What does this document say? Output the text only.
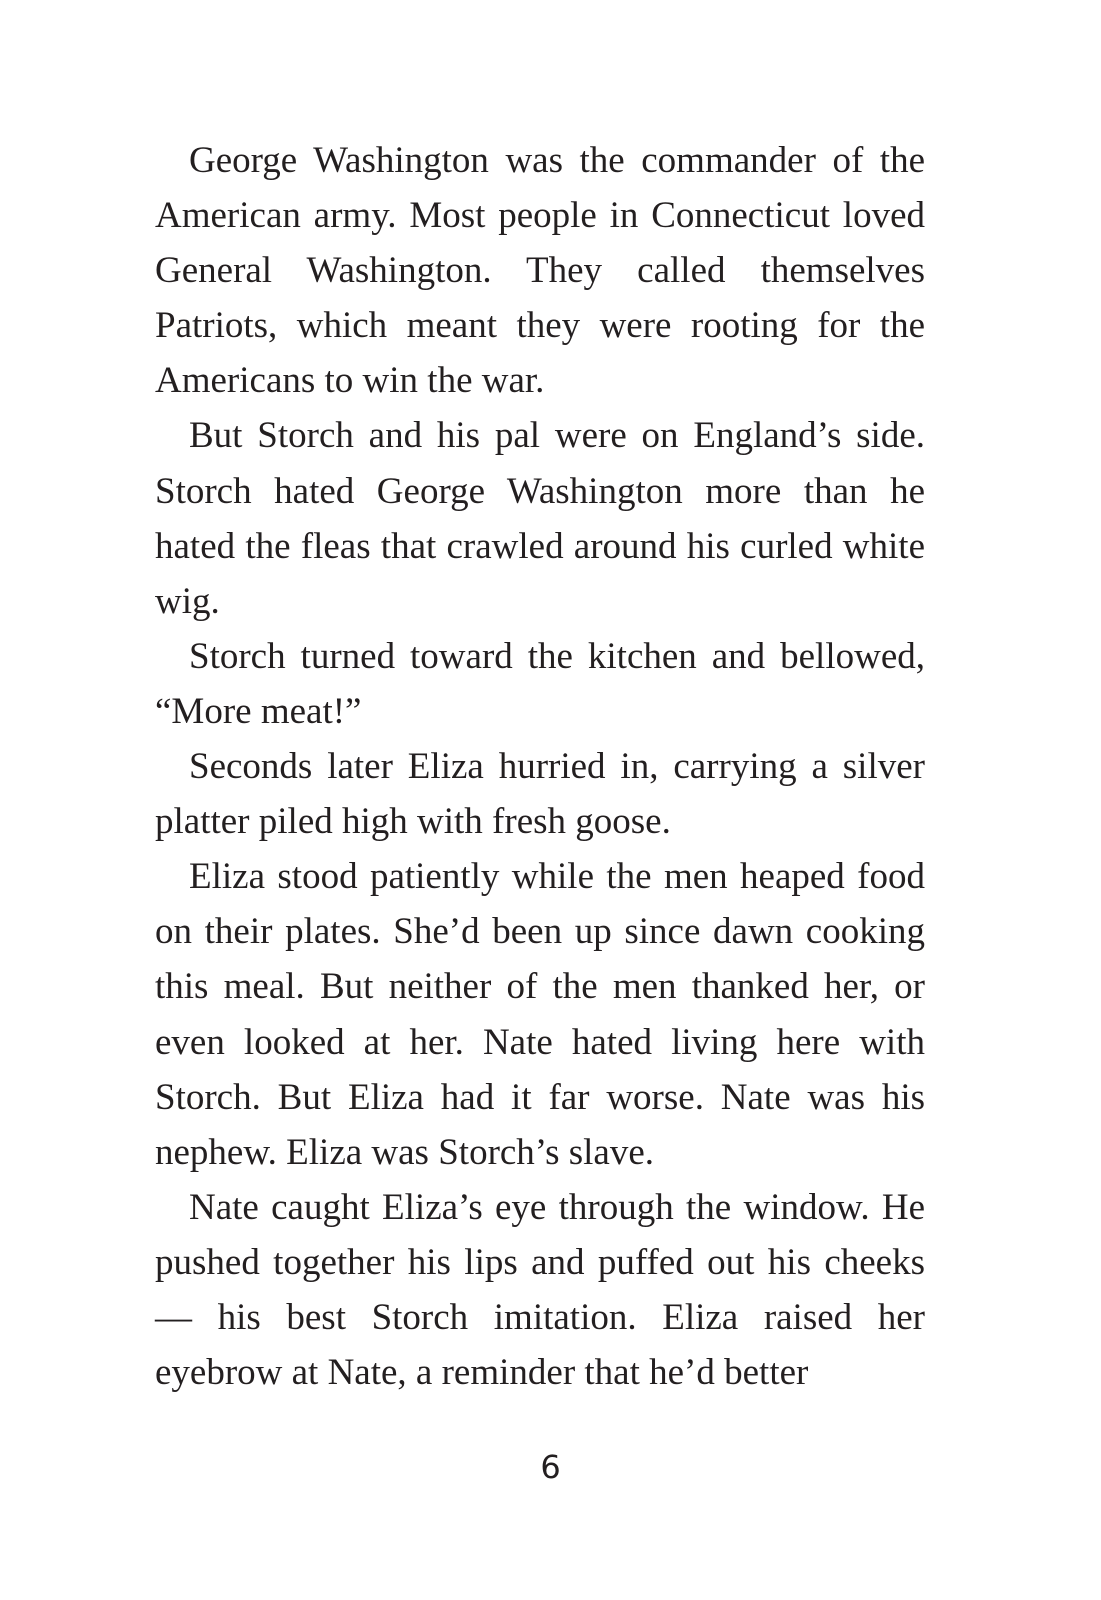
George Washington was the commander of the American army. Most people in Connecticut loved General Washington. They called themselves Patriots, which meant they were rooting for the Americans to win the war.

But Storch and his pal were on England’s side. Storch hated George Washington more than he hated the fleas that crawled around his curled white wig.

Storch turned toward the kitchen and bellowed, “More meat!”

Seconds later Eliza hurried in, carrying a silver platter piled high with fresh goose.

Eliza stood patiently while the men heaped food on their plates. She’d been up since dawn cooking this meal. But neither of the men thanked her, or even looked at her. Nate hated living here with Storch. But Eliza had it far worse. Nate was his nephew. Eliza was Storch’s slave.

Nate caught Eliza’s eye through the window. He pushed together his lips and puffed out his cheeks — his best Storch imitation. Eliza raised her eyebrow at Nate, a reminder that he’d better

6
